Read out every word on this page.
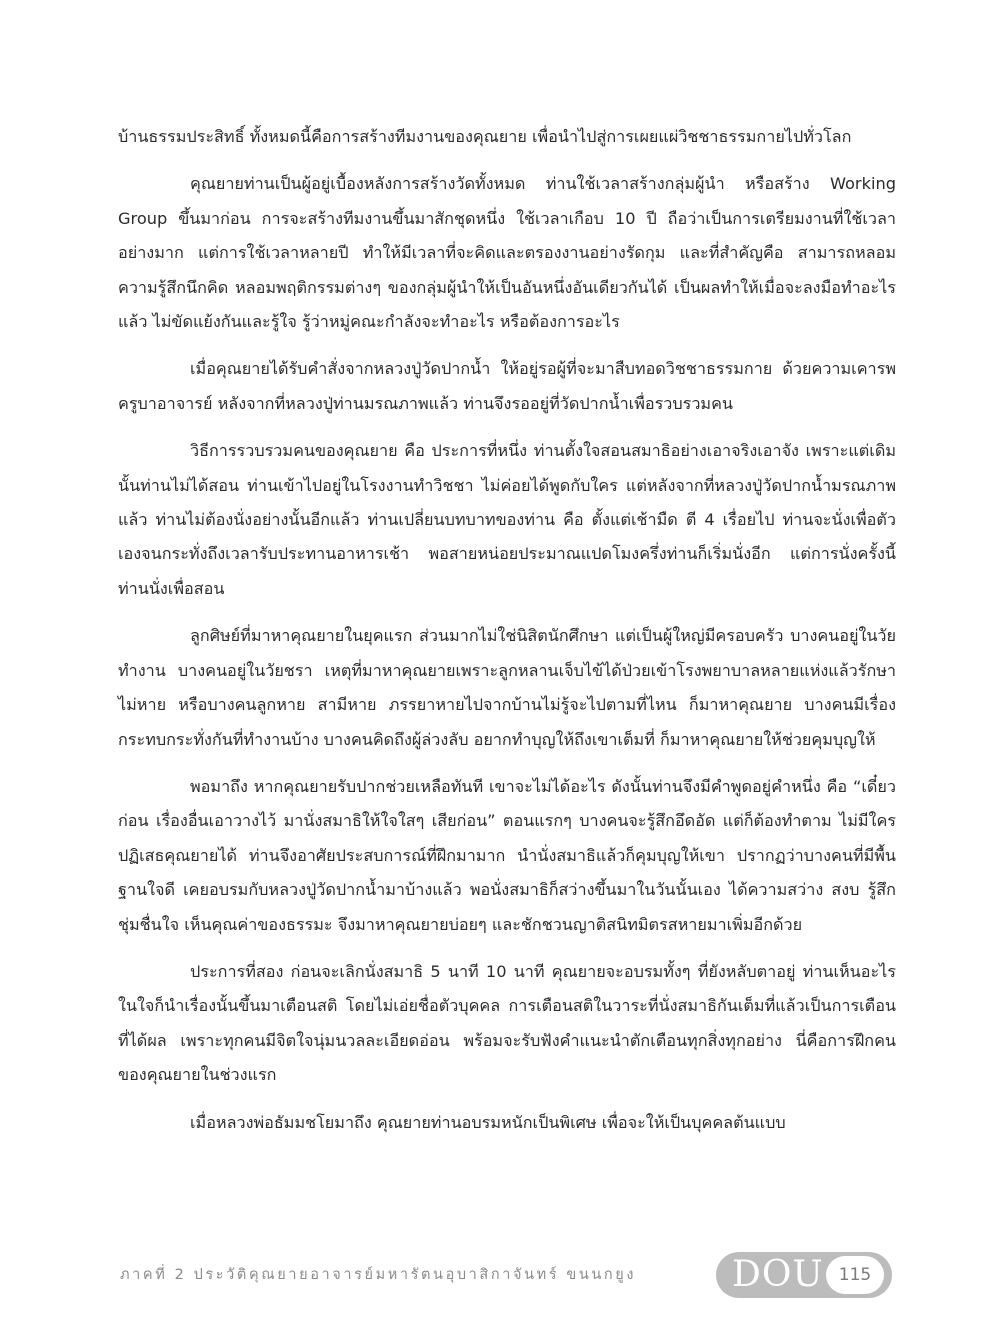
บ้านธรรมประสิทธิ์ ทั้งหมดนี้คือการสร้างทีมงานของคุณยาย เพื่อนำไปสู่การเผยแผ่วิชชาธรรมกายไปทั่วโลก

คุณยายท่านเป็นผู้อยู่เบื้องหลังการสร้างวัดทั้งหมด ท่านใช้เวลาสร้างกลุ่มผู้นำ หรือสร้าง Working Group ขึ้นมาก่อน การจะสร้างทีมงานขึ้นมาสักชุดหนึ่ง ใช้เวลาเกือบ 10 ปี ถือว่าเป็นการเตรียมงานที่ใช้เวลาอย่างมาก แต่การใช้เวลาหลายปี ทำให้มีเวลาที่จะคิดและตรองงานอย่างรัดกุม และที่สำคัญคือ สามารถหลอมความรู้สึกนึกคิด หลอมพฤติกรรมต่างๆ ของกลุ่มผู้นำให้เป็นอันหนึ่งอันเดียวกันได้ เป็นผลทำให้เมื่อจะลงมือทำอะไรแล้ว ไม่ขัดแย้งกันและรู้ใจ รู้ว่าหมู่คณะกำลังจะทำอะไร หรือต้องการอะไร

เมื่อคุณยายได้รับคำสั่งจากหลวงปู่วัดปากน้ำ ให้อยู่รอผู้ที่จะมาสืบทอดวิชชาธรรมกาย ด้วยความเคารพครูบาอาจารย์ หลังจากที่หลวงปู่ท่านมรณภาพแล้ว ท่านจึงรออยู่ที่วัดปากน้ำเพื่อรวบรวมคน

วิธีการรวบรวมคนของคุณยาย คือ ประการที่หนึ่ง ท่านตั้งใจสอนสมาธิอย่างเอาจริงเอาจัง เพราะแต่เดิมนั้นท่านไม่ได้สอน ท่านเข้าไปอยู่ในโรงงานทำวิชชา ไม่ค่อยได้พูดกับใคร แต่หลังจากที่หลวงปู่วัดปากน้ำมรณภาพแล้ว ท่านไม่ต้องนั่งอย่างนั้นอีกแล้ว ท่านเปลี่ยนบทบาทของท่าน คือ ตั้งแต่เช้ามืด ตี 4 เรื่อยไป ท่านจะนั่งเพื่อตัวเองจนกระทั่งถึงเวลารับประทานอาหารเช้า พอสายหน่อยประมาณแปดโมงครึ่งท่านก็เริ่มนั่งอีก แต่การนั่งครั้งนี้ท่านนั่งเพื่อสอน

ลูกศิษย์ที่มาหาคุณยายในยุคแรก ส่วนมากไม่ใช่นิสิตนักศึกษา แต่เป็นผู้ใหญ่มีครอบครัว บางคนอยู่ในวัยทำงาน บางคนอยู่ในวัยชรา เหตุที่มาหาคุณยายเพราะลูกหลานเจ็บไข้ได้ป่วยเข้าโรงพยาบาลหลายแห่งแล้วรักษาไม่หาย หรือบางคนลูกหาย สามีหาย ภรรยาหายไปจากบ้านไม่รู้จะไปตามที่ไหน ก็มาหาคุณยาย บางคนมีเรื่องกระทบกระทั่งกันที่ทำงานบ้าง บางคนคิดถึงผู้ล่วงลับ อยากทำบุญให้ถึงเขาเต็มที่ ก็มาหาคุณยายให้ช่วยคุมบุญให้

พอมาถึง หากคุณยายรับปากช่วยเหลือทันที เขาจะไม่ได้อะไร ดังนั้นท่านจึงมีคำพูดอยู่คำหนึ่ง คือ “เดี๋ยวก่อน เรื่องอื่นเอาวางไว้ มานั่งสมาธิให้ใจใสๆ เสียก่อน” ตอนแรกๆ บางคนจะรู้สึกอึดอัด แต่ก็ต้องทำตาม ไม่มีใครปฏิเสธคุณยายได้ ท่านจึงอาศัยประสบการณ์ที่ฝึกมามาก นำนั่งสมาธิแล้วก็คุมบุญให้เขา ปรากฏว่าบางคนที่มีพื้นฐานใจดี เคยอบรมกับหลวงปู่วัดปากน้ำมาบ้างแล้ว พอนั่งสมาธิก็สว่างขึ้นมาในวันนั้นเอง ได้ความสว่าง สงบ รู้สึกชุ่มชื่นใจ เห็นคุณค่าของธรรมะ จึงมาหาคุณยายบ่อยๆ และชักชวนญาติสนิทมิตรสหายมาเพิ่มอีกด้วย

ประการที่สอง ก่อนจะเลิกนั่งสมาธิ 5 นาที 10 นาที คุณยายจะอบรมทั้งๆ ที่ยังหลับตาอยู่ ท่านเห็นอะไรในใจก็นำเรื่องนั้นขึ้นมาเตือนสติ โดยไม่เอ่ยชื่อตัวบุคคล การเตือนสติในวาระที่นั่งสมาธิกันเต็มที่แล้วเป็นการเตือนที่ได้ผล เพราะทุกคนมีจิตใจนุ่มนวลละเอียดอ่อน พร้อมจะรับฟังคำแนะนำตักเตือนทุกสิ่งทุกอย่าง นี่คือการฝึกคนของคุณยายในช่วงแรก

เมื่อหลวงพ่อธัมมชโยมาถึง คุณยายท่านอบรมหนักเป็นพิเศษ เพื่อจะให้เป็นบุคคลต้นแบบ

ภาคที่ 2 ประวัติคุณยายอาจารย์มหารัตนอุบาสิกาจันทร์ ขนนกยูง	DOU 115
